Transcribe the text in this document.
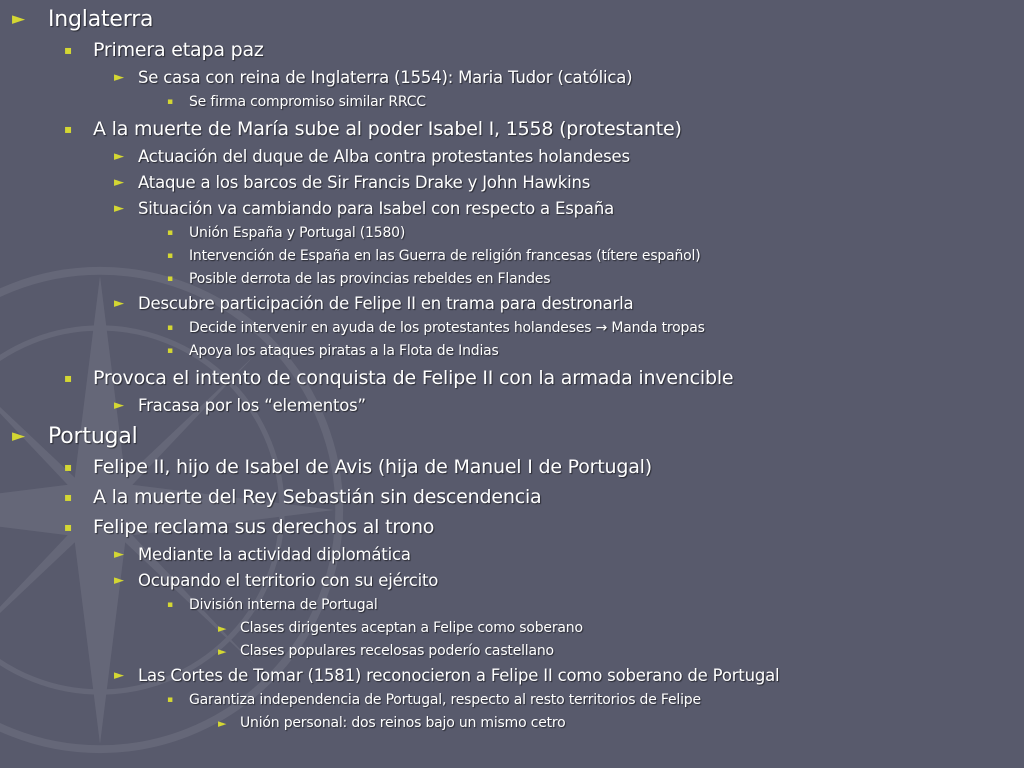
► Inglaterra
▪ Primera etapa paz
► Se casa con reina de Inglaterra (1554): Maria Tudor (católica)
▪ Se firma compromiso similar RRCC
▪ A la muerte de María sube al poder Isabel I, 1558 (protestante)
► Actuación del duque de Alba contra protestantes holandeses
► Ataque a los barcos de Sir Francis Drake y John Hawkins
► Situación va cambiando para Isabel con respecto a España
▪ Unión España y Portugal (1580)
▪ Intervención de España en las Guerra de religión francesas (títere español)
▪ Posible derrota de las provincias rebeldes en Flandes
► Descubre participación de Felipe II en trama para destronarla
▪ Decide intervenir en ayuda de los protestantes holandeses → Manda tropas
▪ Apoya los ataques piratas a la Flota de Indias
▪ Provoca el intento de conquista de Felipe II con la armada invencible
► Fracasa por los “elementos”
► Portugal
▪ Felipe II, hijo de Isabel de Avis (hija de Manuel I de Portugal)
▪ A la muerte del Rey Sebastián sin descendencia
▪ Felipe reclama sus derechos al trono
► Mediante la actividad diplomática
► Ocupando el territorio con su ejército
▪ División interna de Portugal
► Clases dirigentes aceptan a Felipe como soberano
► Clases populares recelosas poderío castellano
► Las Cortes de Tomar (1581) reconocieron a Felipe II como soberano de Portugal
▪ Garantiza independencia de Portugal, respecto al resto territorios de Felipe
► Unión personal: dos reinos bajo un mismo cetro
